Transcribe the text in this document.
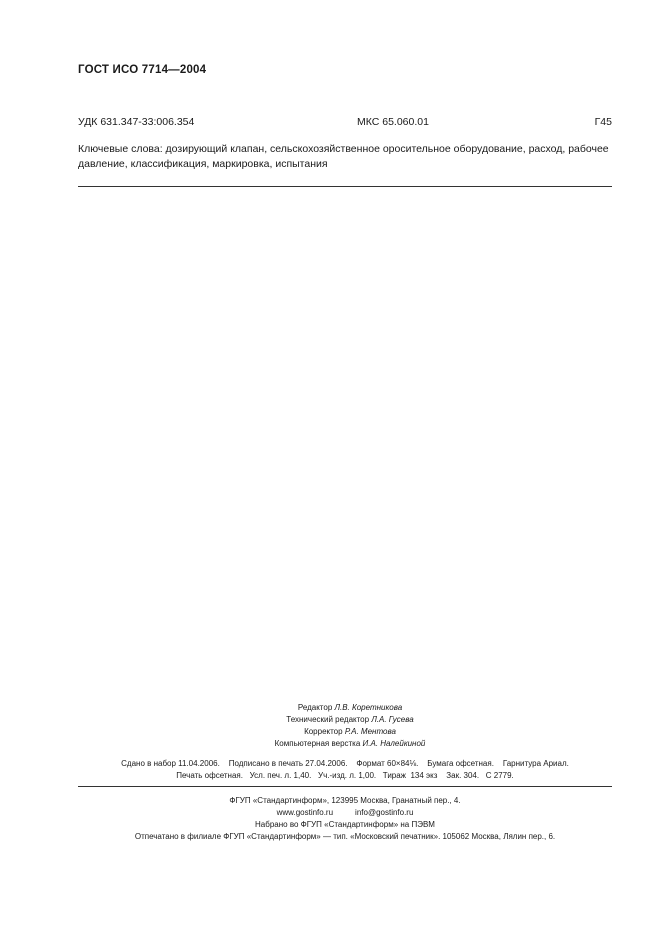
ГОСТ ИСО 7714—2004
УДК 631.347-33:006.354	МКС 65.060.01	Г45
Ключевые слова: дозирующий клапан, сельскохозяйственное оросительное оборудование, расход, рабочее давление, классификация, маркировка, испытания
Редактор Л.В. Коретникова
Технический редактор Л.А. Гусева
Корректор Р.А. Ментова
Компьютерная верстка И.А. Налейкиной
Сдано в набор 11.04.2006.    Подписано в печать 27.04.2006.    Формат 60×84⅛.    Бумага офсетная.    Гарнитура Ариал.
Печать офсетная.   Усл. печ. л. 1,40.   Уч.-изд. л. 1,00.   Тираж  134 экз    Зак. 304.   С 2779.
ФГУП «Стандартинформ», 123995 Москва, Гранатный пер., 4.
www.gostinfo.ru	info@gostinfo.ru
Набрано во ФГУП «Стандартинформ» на ПЭВМ
Отпечатано в филиале ФГУП «Стандартинформ» — тип. «Московский печатник». 105062 Москва, Лялин пер., 6.
